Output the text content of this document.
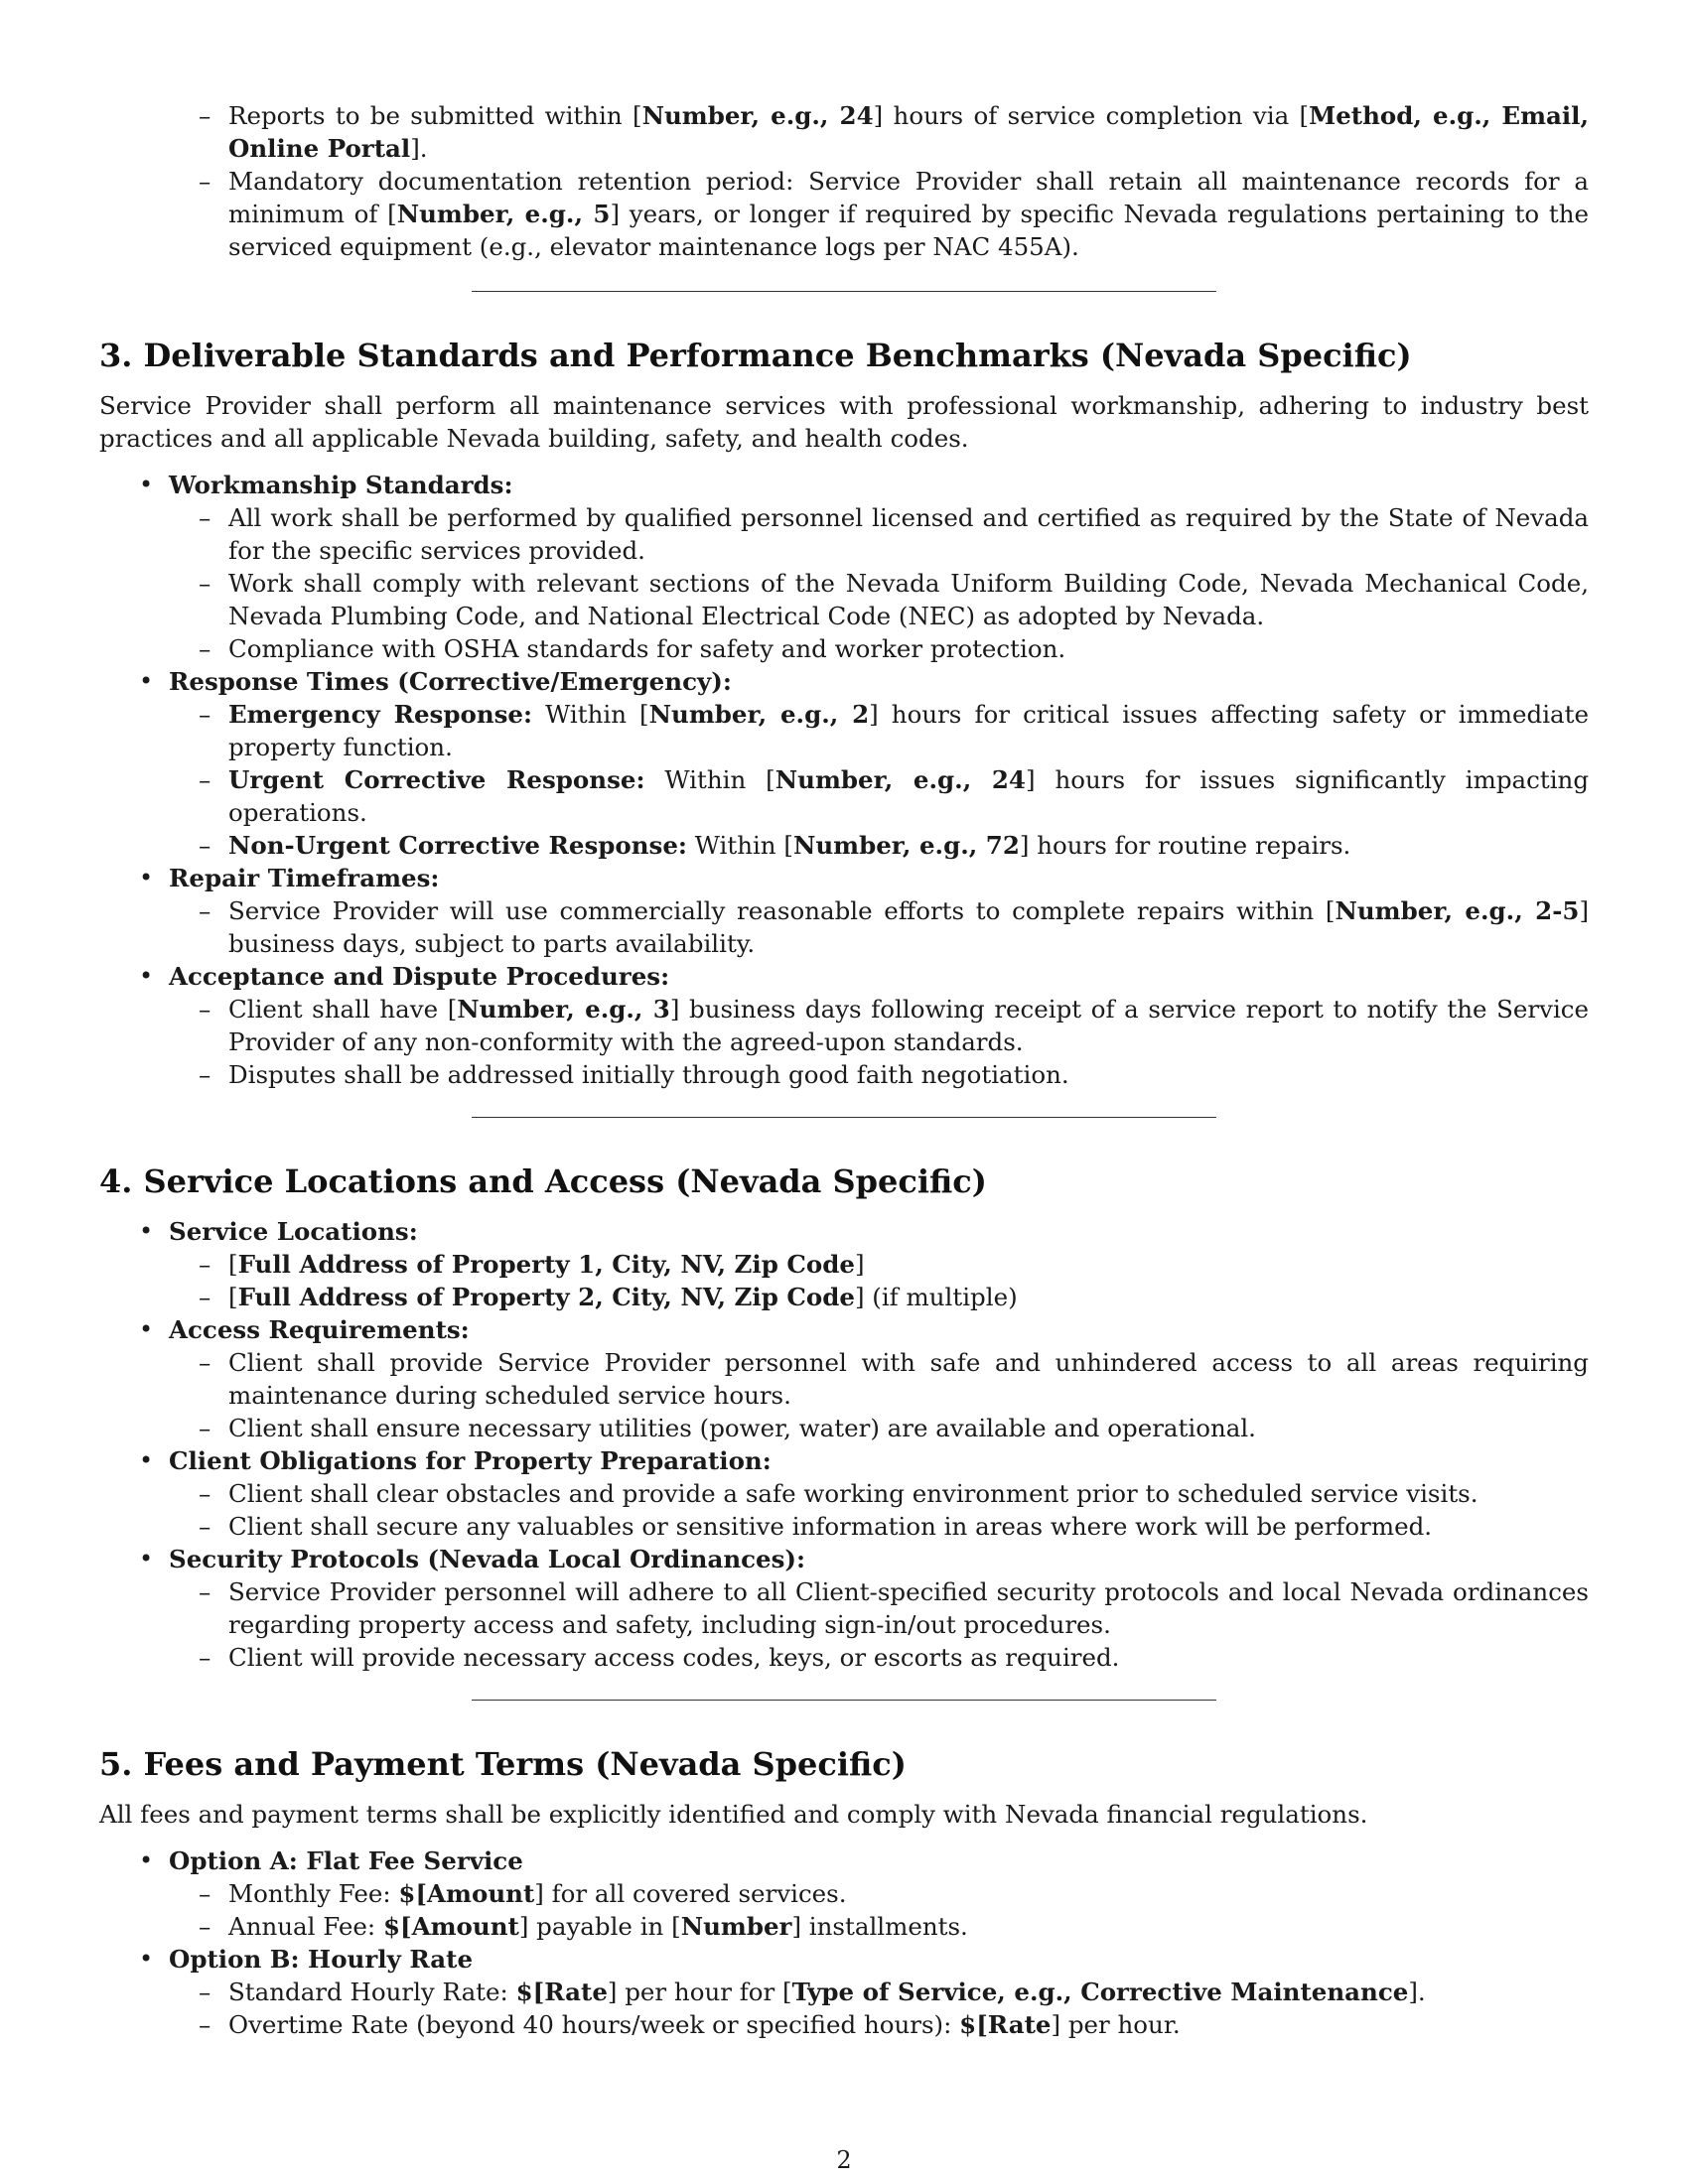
– Reports to be submitted within [Number, e.g., 24] hours of service completion via [Method, e.g., Email, Online Portal].
– Mandatory documentation retention period: Service Provider shall retain all maintenance records for a minimum of [Number, e.g., 5] years, or longer if required by specific Nevada regulations pertaining to the serviced equipment (e.g., elevator maintenance logs per NAC 455A).
3. Deliverable Standards and Performance Benchmarks (Nevada Specific)

Service Provider shall perform all maintenance services with professional workmanship, adhering to industry best practices and all applicable Nevada building, safety, and health codes.

• Workmanship Standards:
– All work shall be performed by qualified personnel licensed and certified as required by the State of Nevada for the specific services provided.
– Work shall comply with relevant sections of the Nevada Uniform Building Code, Nevada Mechanical Code, Nevada Plumbing Code, and National Electrical Code (NEC) as adopted by Nevada.
– Compliance with OSHA standards for safety and worker protection.
• Response Times (Corrective/Emergency):
– Emergency Response: Within [Number, e.g., 2] hours for critical issues affecting safety or immediate property function.
– Urgent Corrective Response: Within [Number, e.g., 24] hours for issues significantly impacting operations.
– Non-Urgent Corrective Response: Within [Number, e.g., 72] hours for routine repairs.
• Repair Timeframes:
– Service Provider will use commercially reasonable efforts to complete repairs within [Number, e.g., 2-5] business days, subject to parts availability.
• Acceptance and Dispute Procedures:
– Client shall have [Number, e.g., 3] business days following receipt of a service report to notify the Service Provider of any non-conformity with the agreed-upon standards.
– Disputes shall be addressed initially through good faith negotiation.
4. Service Locations and Access (Nevada Specific)
• Service Locations:
– [Full Address of Property 1, City, NV, Zip Code]
– [Full Address of Property 2, City, NV, Zip Code] (if multiple)
• Access Requirements:
– Client shall provide Service Provider personnel with safe and unhindered access to all areas requiring maintenance during scheduled service hours.
– Client shall ensure necessary utilities (power, water) are available and operational.
• Client Obligations for Property Preparation:
– Client shall clear obstacles and provide a safe working environment prior to scheduled service visits.
– Client shall secure any valuables or sensitive information in areas where work will be performed.
• Security Protocols (Nevada Local Ordinances):
– Service Provider personnel will adhere to all Client-specified security protocols and local Nevada ordinances regarding property access and safety, including sign-in/out procedures.
– Client will provide necessary access codes, keys, or escorts as required.
5. Fees and Payment Terms (Nevada Specific)

All fees and payment terms shall be explicitly identified and comply with Nevada financial regulations.

• Option A: Flat Fee Service
– Monthly Fee: $[Amount] for all covered services.
– Annual Fee: $[Amount] payable in [Number] installments.
• Option B: Hourly Rate
– Standard Hourly Rate: $[Rate] per hour for [Type of Service, e.g., Corrective Maintenance].
– Overtime Rate (beyond 40 hours/week or specified hours): $[Rate] per hour.
2
